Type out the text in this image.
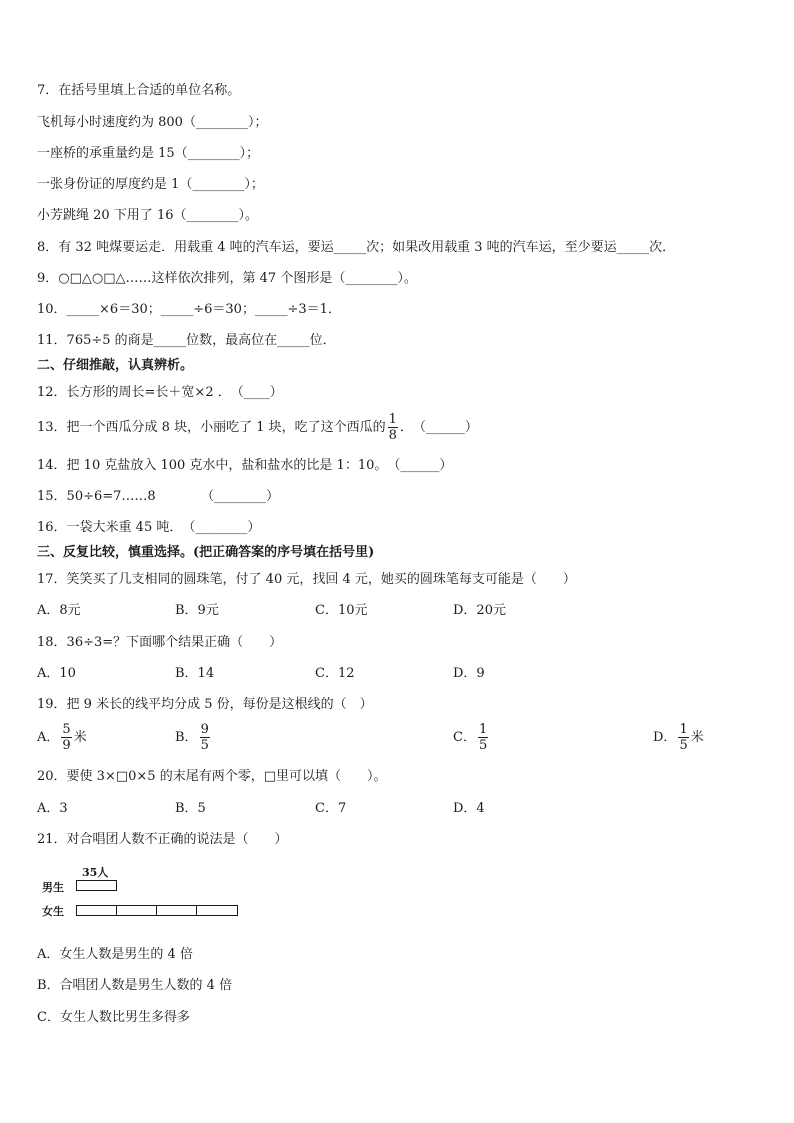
7．在括号里填上合适的单位名称。
飞机每小时速度约为 800（________）；
一座桥的承重量约是 15（________）；
一张身份证的厚度约是 1（________）；
小芳跳绳 20 下用了 16（________）。
8．有 32 吨煤要运走．用载重 4 吨的汽车运，要运_____次；如果改用载重 3 吨的汽车运，至少要运_____次．
9．○□△○□△……这样依次排列，第 47 个图形是（________）。
10．_____×6＝30；_____÷6＝30；_____÷3＝1．
11．765÷5 的商是_____位数，最高位在_____位．
二、仔细推敲，认真辨析。
12．长方形的周长=长＋宽×2 ．　（____）
13．把一个西瓜分成 8 块，小丽吃了 1 块，吃了这个西瓜的 $\frac{1}{8}$ ．　（______）
14．把 10 克盐放入 100 克水中，盐和盐水的比是 1：10。　（______）
15．50÷6=7……8　　　　（________）
16．一袋大米重 45 吨．　（________）
三、反复比较，慎重选择。(把正确答案的序号填在括号里)
17．笑笑买了几支相同的圆珠笔，付了 40 元，找回 4 元，她买的圆珠笔每支可能是（　　）
A．8元	B．9元	C．10元	D．20元
18．36÷3=？下面哪个结果正确（　　）
A．10	B．14	C．12	D．9
19．把 9 米长的线平均分成 5 份，每份是这根线的（　）
A． $\frac{5}{9}$ 米	B． $\frac{9}{5}$	C． $\frac{1}{5}$	D． $\frac{1}{5}$ 米
20．要使 3×□0×5 的末尾有两个零，□里可以填（　　）。
A．3	B．5	C．7	D．4
21．对合唱团人数不正确的说法是（　　）
35人
男生
女生
A．女生人数是男生的 4 倍
B．合唱团人数是男生人数的 4 倍
C．女生人数比男生多得多
